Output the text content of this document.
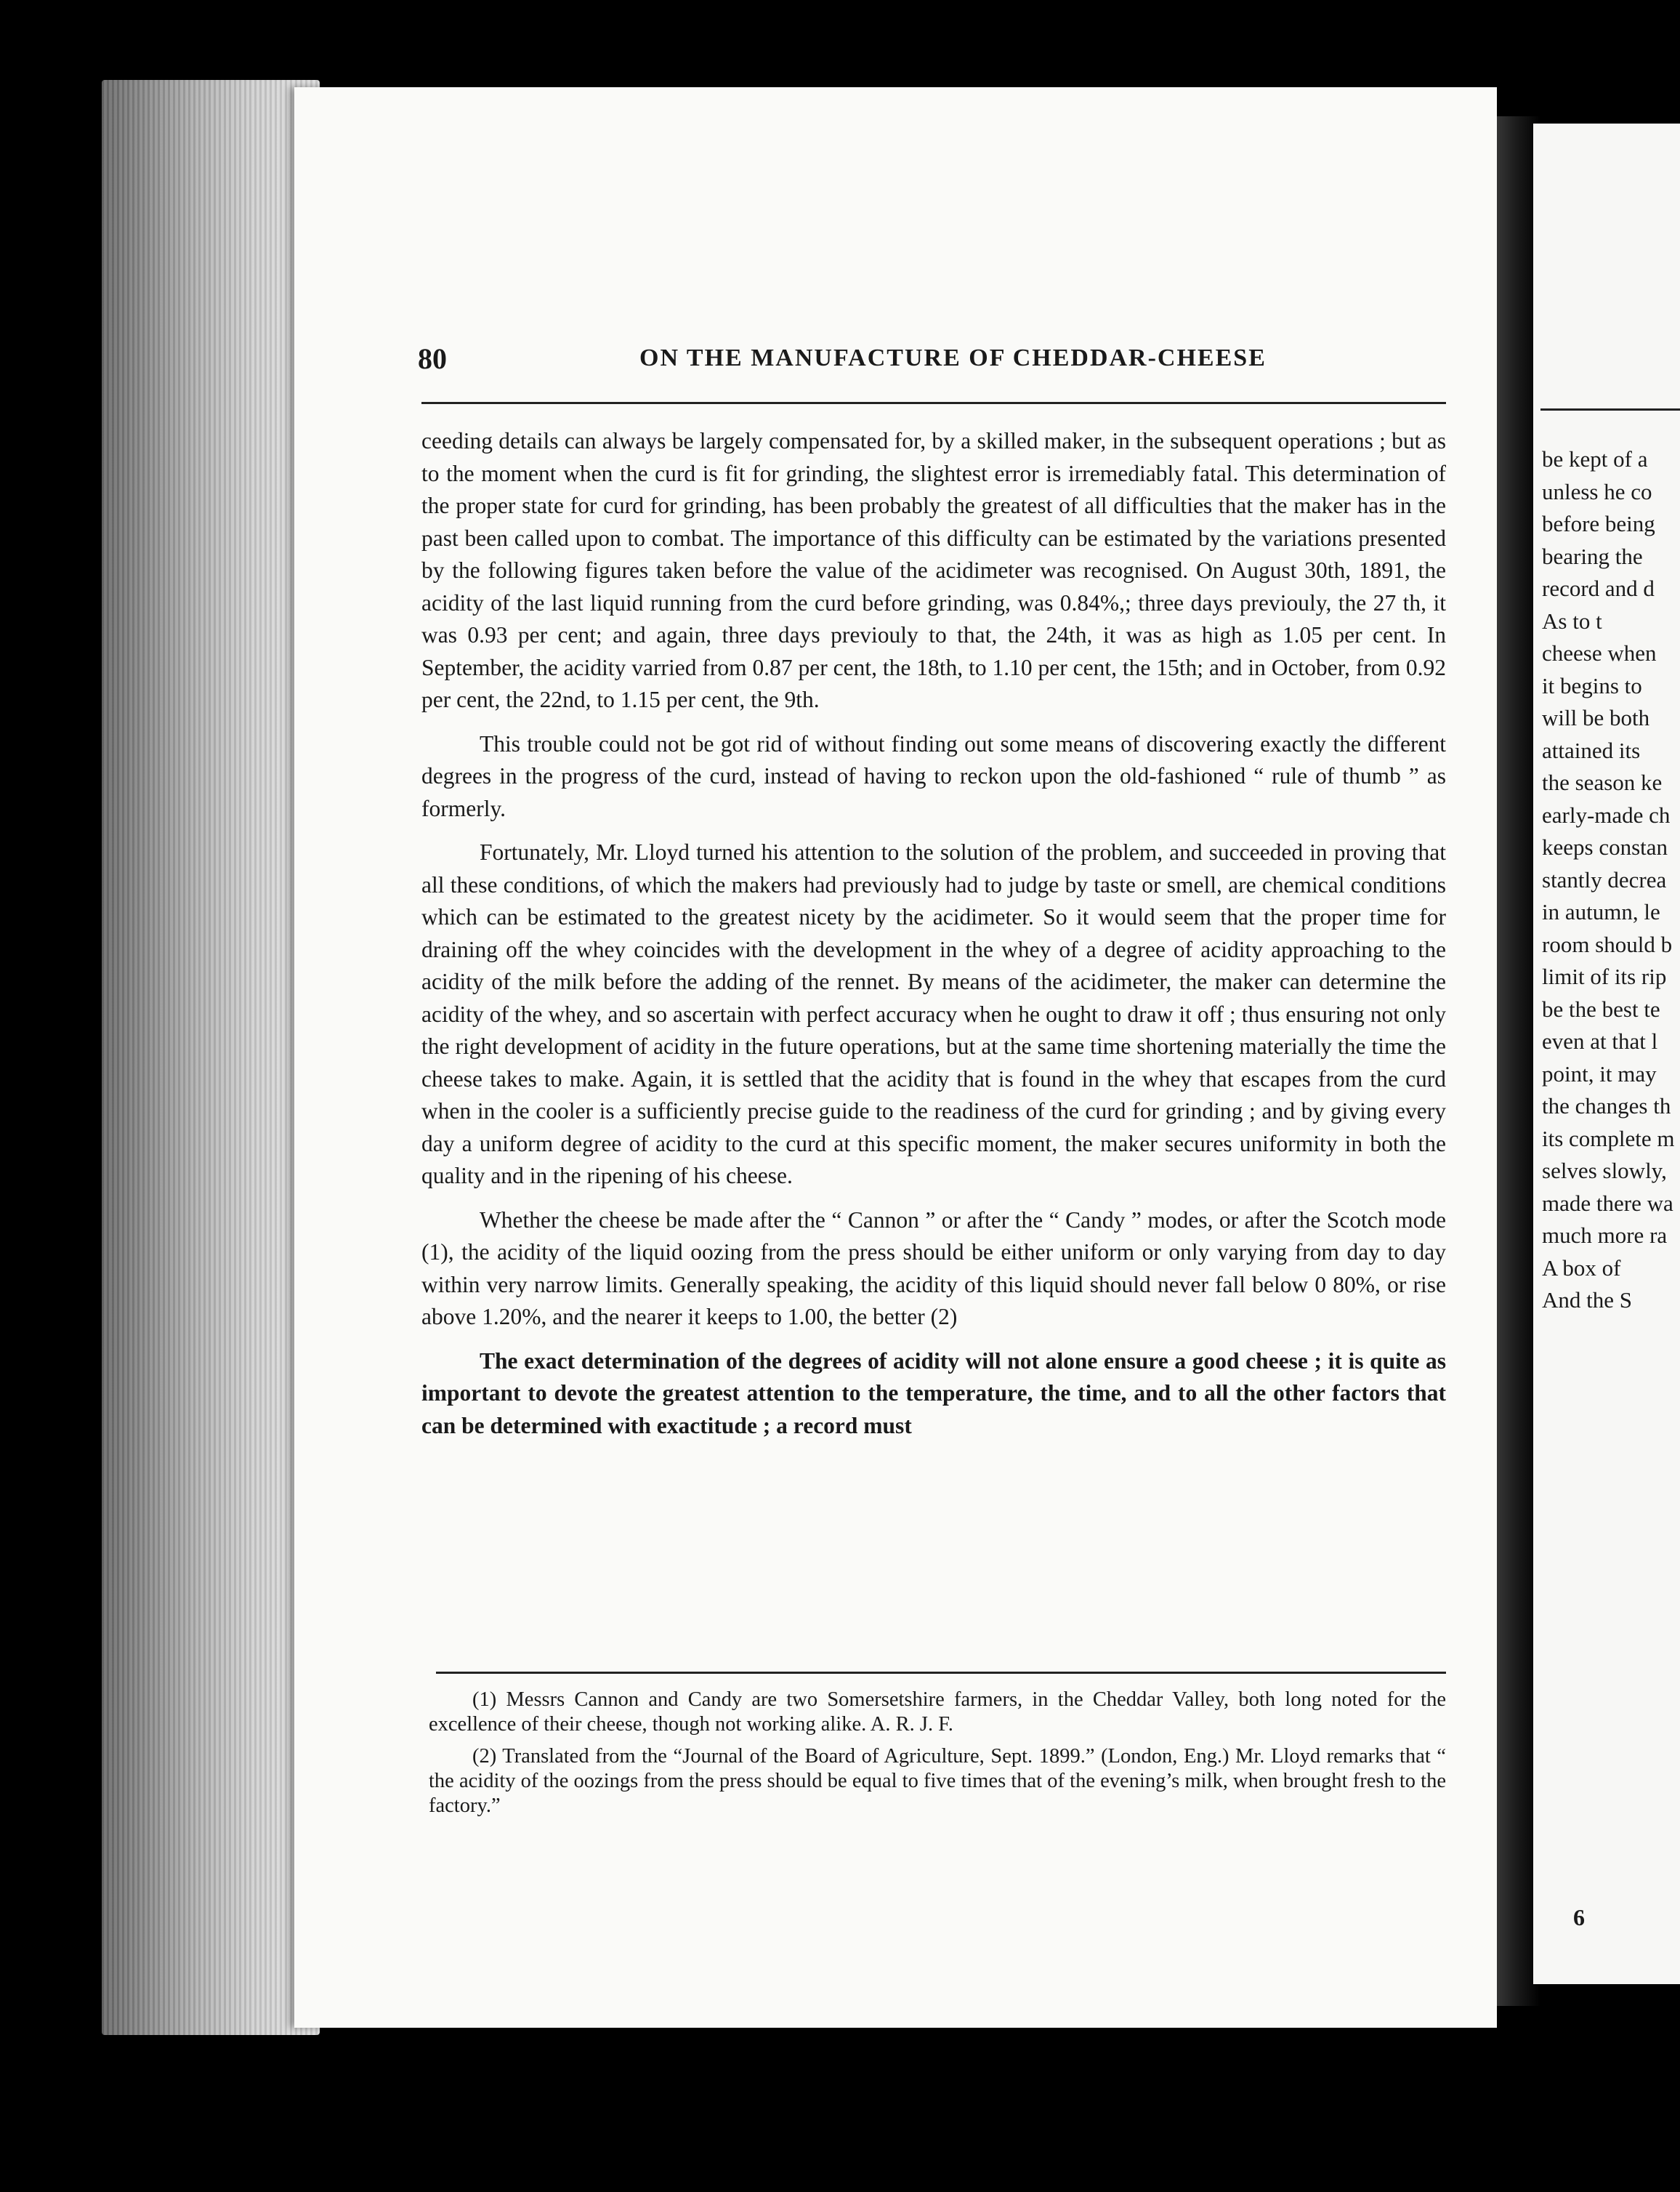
be kept of a
unless he co
before being
bearing the
record and d
As to t
cheese when
it begins to
will be both
attained its
the season ke
early-made ch
keeps constan
stantly decrea
in autumn, le
room should b
limit of its rip
be the best te
even at that l
point, it may
the changes th
its complete m
selves slowly,
made there wa
much more ra
A box of
And the S
6
80	ON THE MANUFACTURE OF CHEDDAR-CHEESE

ceeding details can always be largely compensated for, by a skilled maker, in the subsequent operations ; but as to the moment when the curd is fit for grinding, the slightest error is irremediably fatal. This determination of the proper state for curd for grinding, has been probably the greatest of all difficulties that the maker has in the past been called upon to combat. The importance of this difficulty can be estimated by the variations presented by the following figures taken before the value of the acidimeter was recognised. On August 30th, 1891, the acidity of the last liquid running from the curd before grinding, was 0.84%,; three days previouly, the 27 th, it was 0.93 per cent; and again, three days previouly to that, the 24th, it was as high as 1.05 per cent. In September, the acidity varried from 0.87 per cent, the 18th, to 1.10 per cent, the 15th; and in October, from 0.92 per cent, the 22nd, to 1.15 per cent, the 9th.

This trouble could not be got rid of without finding out some means of discovering exactly the different degrees in the progress of the curd, instead of having to reckon upon the old-fashioned “ rule of thumb ” as formerly.

Fortunately, Mr. Lloyd turned his attention to the solution of the problem, and succeeded in proving that all these conditions, of which the makers had previously had to judge by taste or smell, are chemical conditions which can be estimated to the greatest nicety by the acidimeter. So it would seem that the proper time for draining off the whey coincides with the development in the whey of a degree of acidity approaching to the acidity of the milk before the adding of the rennet. By means of the acidimeter, the maker can determine the acidity of the whey, and so ascertain with perfect accuracy when he ought to draw it off ; thus ensuring not only the right development of acidity in the future operations, but at the same time shortening materially the time the cheese takes to make. Again, it is settled that the acidity that is found in the whey that escapes from the curd when in the cooler is a sufficiently precise guide to the readiness of the curd for grinding ; and by giving every day a uniform degree of acidity to the curd at this specific moment, the maker secures uniformity in both the quality and in the ripening of his cheese.

Whether the cheese be made after the “ Cannon ” or after the “ Candy ” modes, or after the Scotch mode (1), the acidity of the liquid oozing from the press should be either uniform or only varying from day to day within very narrow limits. Generally speaking, the acidity of this liquid should never fall below 0 80%, or rise above 1.20%, and the nearer it keeps to 1.00, the better (2)

The exact determination of the degrees of acidity will not alone ensure a good cheese ; it is quite as important to devote the greatest attention to the temperature, the time, and to all the other factors that can be determined with exactitude ; a record must

(1) Messrs Cannon and Candy are two Somersetshire farmers, in the Cheddar Valley, both long noted for the excellence of their cheese, though not working alike. A. R. J. F.

(2) Translated from the “Journal of the Board of Agriculture, Sept. 1899.” (London, Eng.) Mr. Lloyd remarks that “ the acidity of the oozings from the press should be equal to five times that of the evening’s milk, when brought fresh to the factory.”
